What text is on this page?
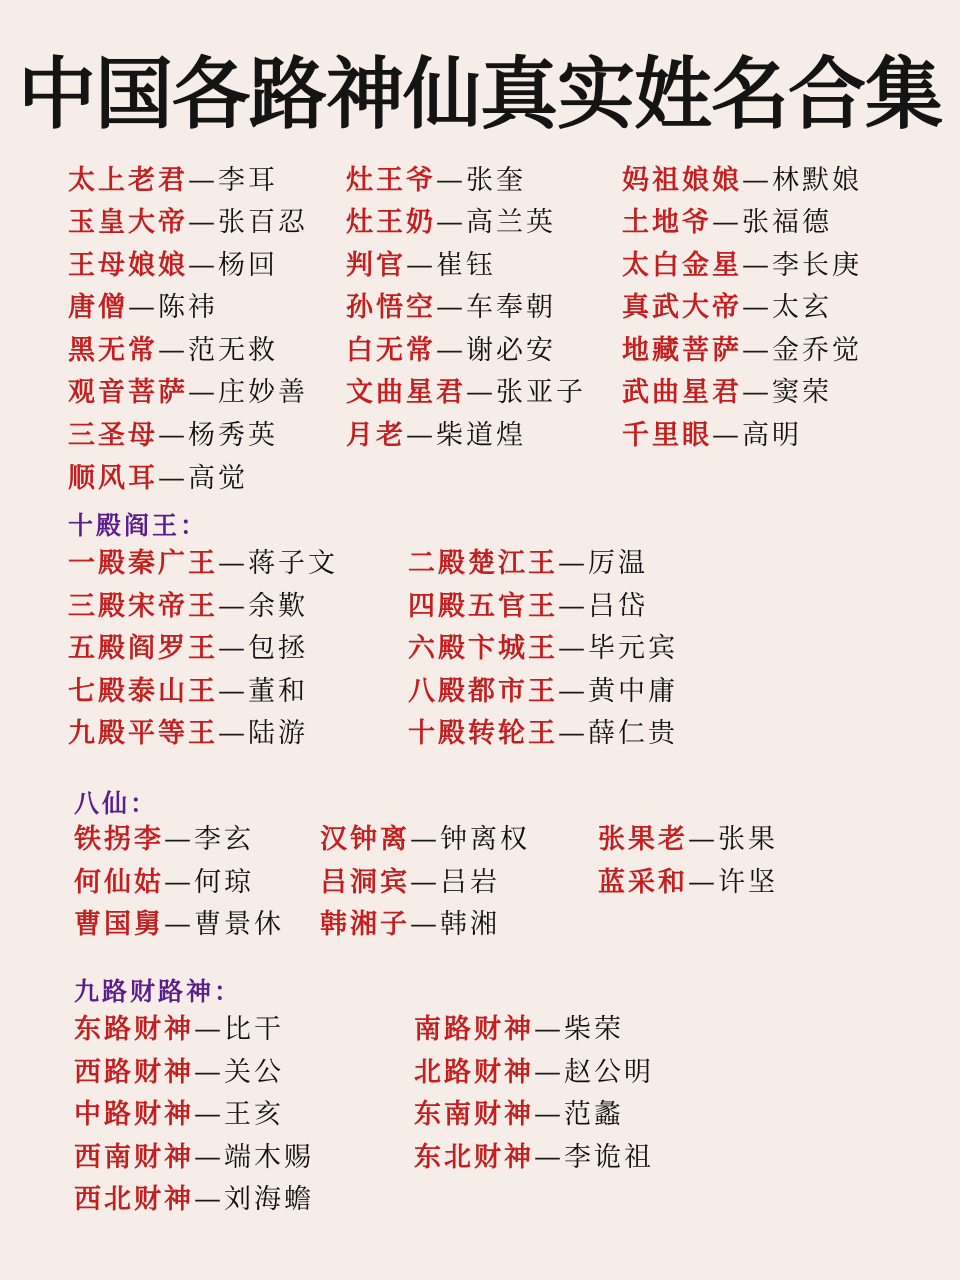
中国各路神仙真实姓名合集
太上老君—李耳	灶王爷—张奎	妈祖娘娘—林默娘
玉皇大帝—张百忍 灶王奶—高兰英 土地爷—张福德
王母娘娘—杨回	判官—崔钰	太白金星—李长庚
唐僧—陈祎	孙悟空—车奉朝 真武大帝—太玄
黑无常—范无救	白无常—谢必安 地藏菩萨—金乔觉
观音菩萨—庄妙善 文曲星君—张亚子 武曲星君—窦荣
三圣母—杨秀英	月老—柴道煌	千里眼—高明
顺风耳—高觉
十殿阎王：
一殿秦广王—蒋子文	二殿楚江王—厉温
三殿宋帝王—余歎	四殿五官王—吕岱
五殿阎罗王—包拯	六殿卞城王—毕元宾
七殿泰山王—董和	八殿都市王—黄中庸
九殿平等王—陆游	十殿转轮王—薛仁贵
八仙：
铁拐李—李玄 汉钟离—钟离权	张果老—张果
何仙姑—何琼 吕洞宾—吕岩	蓝采和—许坚
曹国舅—曹景休 韩湘子—韩湘
九路财路神：
东路财神—比干	南路财神—柴荣
西路财神—关公	北路财神—赵公明
中路财神—王亥	东南财神—范蠡
西南财神—端木赐	东北财神—李诡祖
西北财神—刘海蟾
